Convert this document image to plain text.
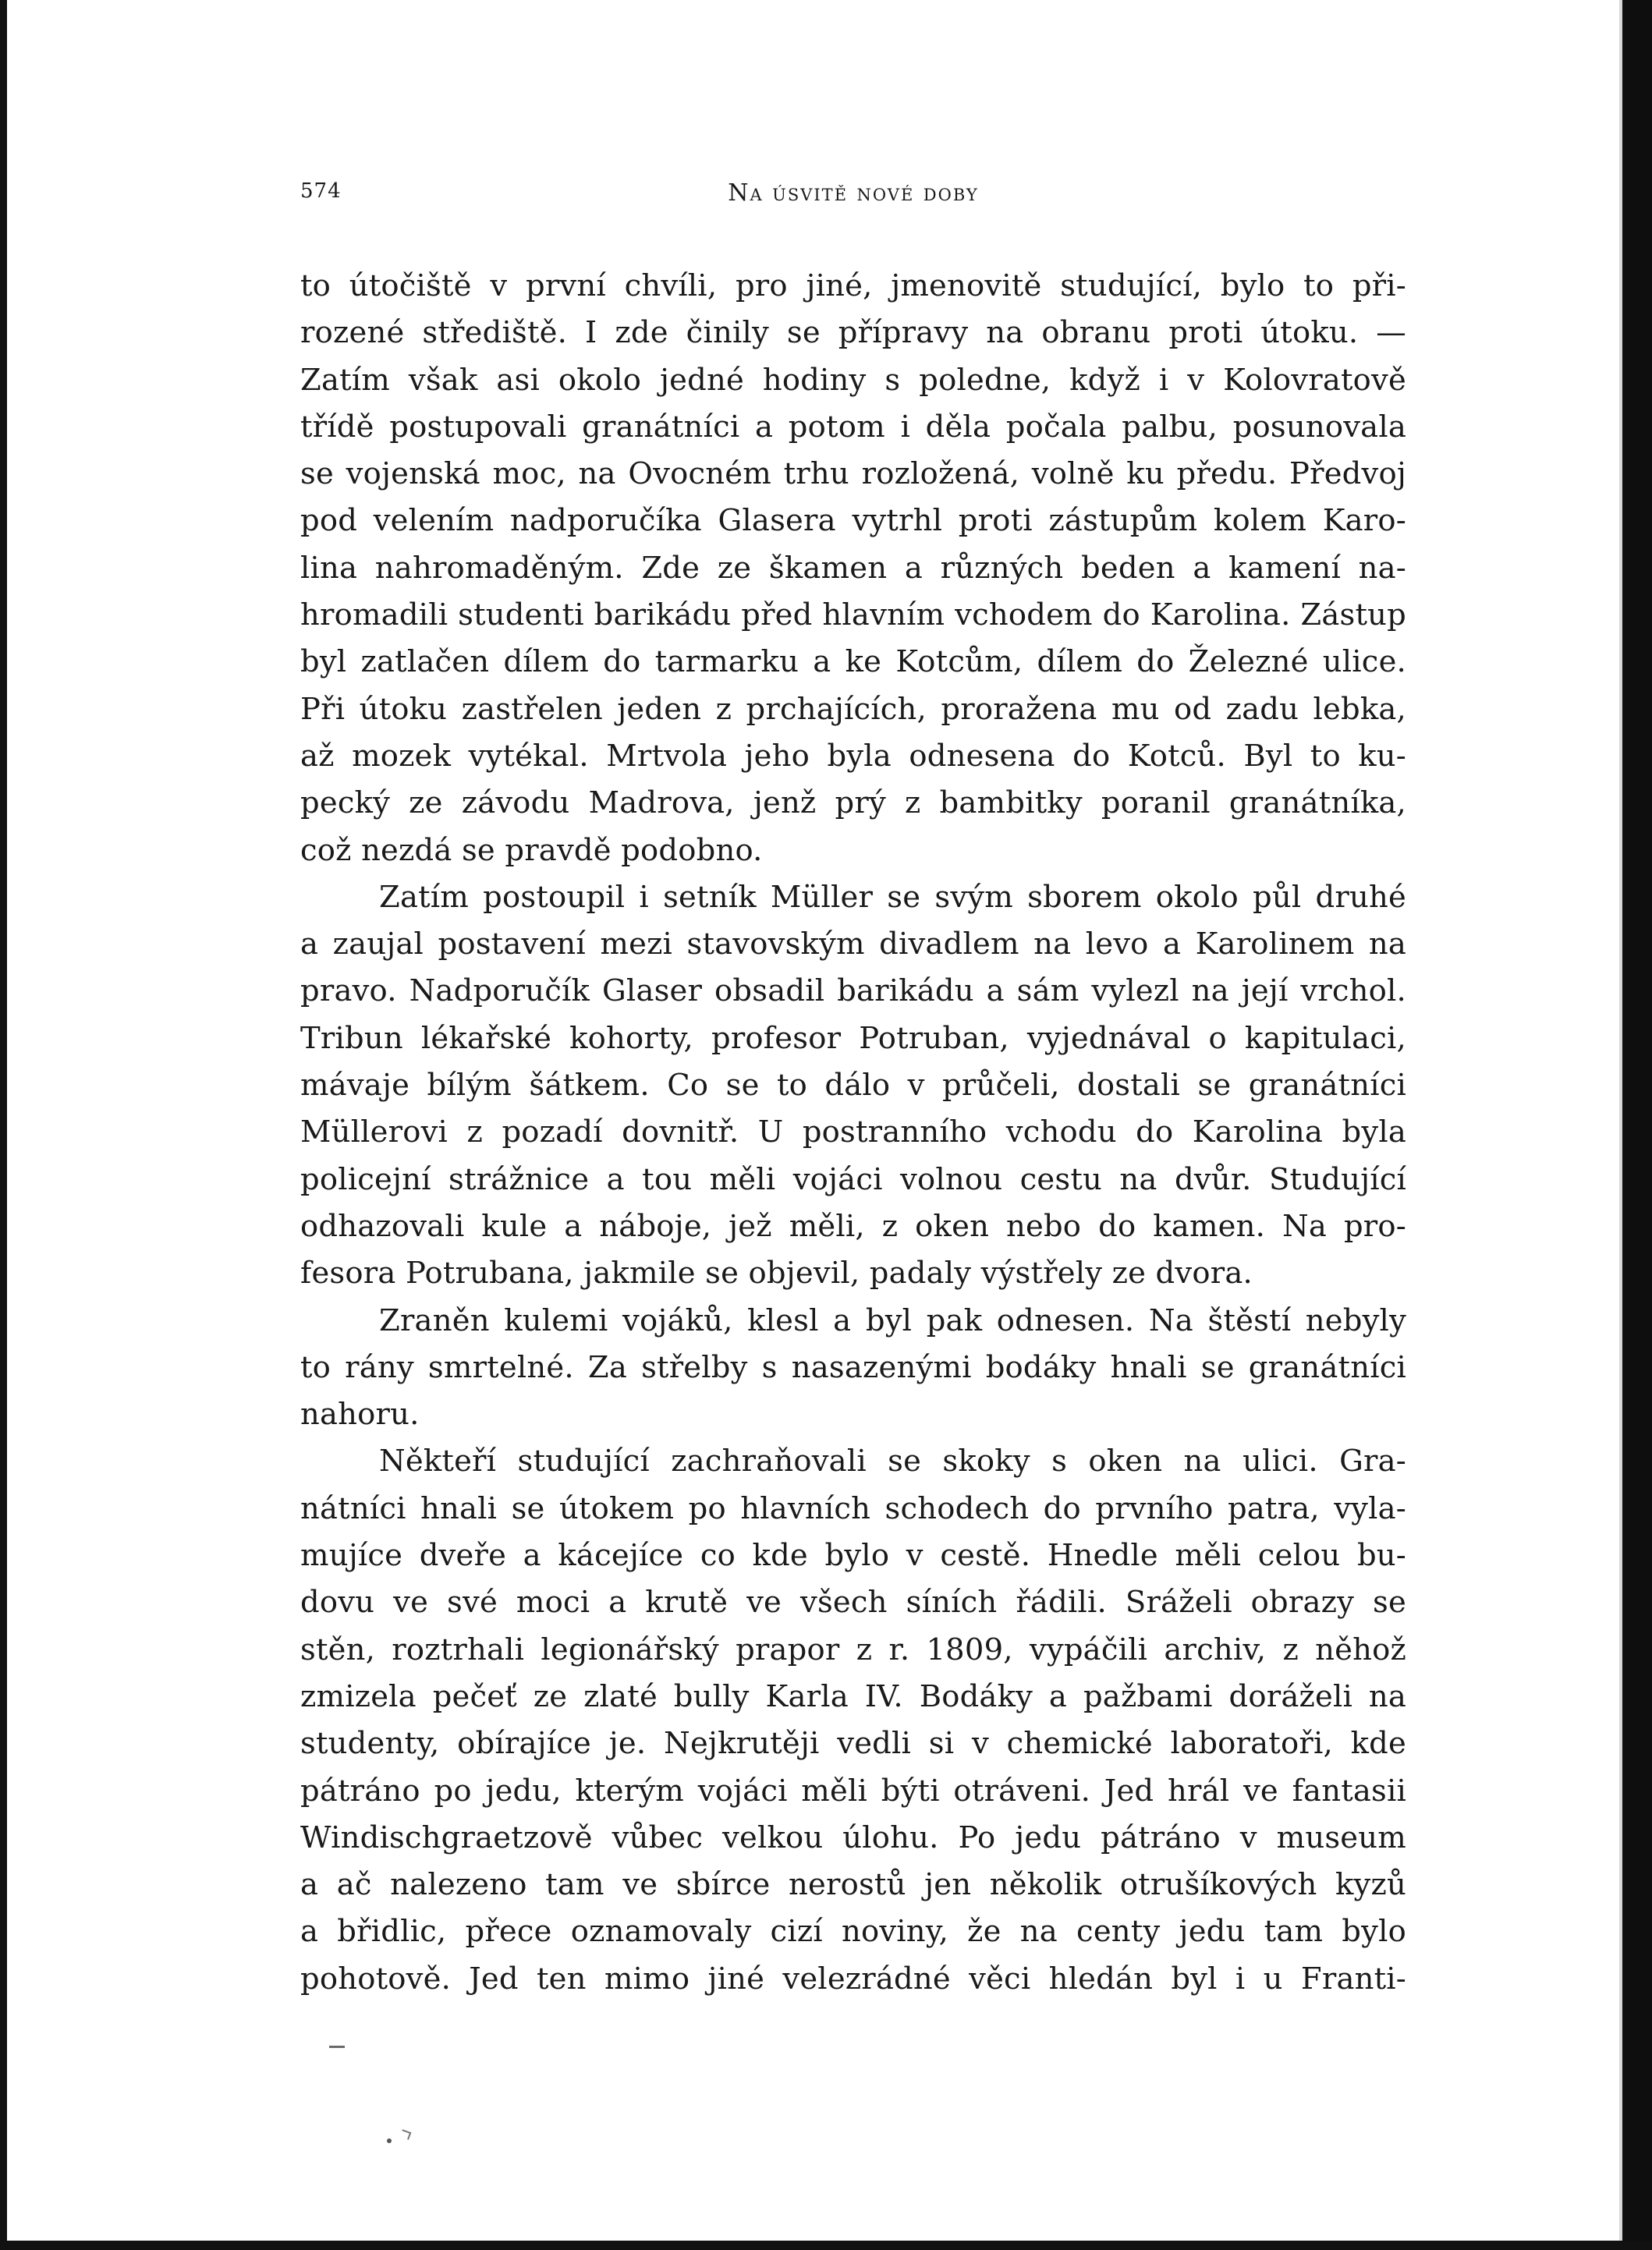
574	Na úsvitě nové doby
to útočiště v první chvíli, pro jiné, jmenovitě studující, bylo to při-
rozené střediště. I zde činily se přípravy na obranu proti útoku. —
Zatím však asi okolo jedné hodiny s poledne, když i v Kolovratově
třídě postupovali granátníci a potom i děla počala palbu, posunovala
se vojenská moc, na Ovocném trhu rozložená, volně ku předu. Předvoj
pod velením nadporučíka Glasera vytrhl proti zástupům kolem Karo-
lina nahromaděným. Zde ze škamen a různých beden a kamení na-
hromadili studenti barikádu před hlavním vchodem do Karolina. Zástup
byl zatlačen dílem do tarmarku a ke Kotcům, dílem do Železné ulice.
Při útoku zastřelen jeden z prchajících, proražena mu od zadu lebka,
až mozek vytékal. Mrtvola jeho byla odnesena do Kotců. Byl to ku-
pecký ze závodu Madrova, jenž prý z bambitky poranil granátníka,
což nezdá se pravdě podobno.
Zatím postoupil i setník Müller se svým sborem okolo půl druhé
a zaujal postavení mezi stavovským divadlem na levo a Karolinem na
pravo. Nadporučík Glaser obsadil barikádu a sám vylezl na její vrchol.
Tribun lékařské kohorty, profesor Potruban, vyjednával o kapitulaci,
mávaje bílým šátkem. Co se to dálo v průčeli, dostali se granátníci
Müllerovi z pozadí dovnitř. U postranního vchodu do Karolina byla
policejní strážnice a tou měli vojáci volnou cestu na dvůr. Studující
odhazovali kule a náboje, jež měli, z oken nebo do kamen. Na pro-
fesora Potrubana, jakmile se objevil, padaly výstřely ze dvora.
Zraněn kulemi vojáků, klesl a byl pak odnesen. Na štěstí nebyly
to rány smrtelné. Za střelby s nasazenými bodáky hnali se granátníci
nahoru.
Někteří studující zachraňovali se skoky s oken na ulici. Gra-
nátníci hnali se útokem po hlavních schodech do prvního patra, vyla-
mujíce dveře a kácejíce co kde bylo v cestě. Hnedle měli celou bu-
dovu ve své moci a krutě ve všech síních řádili. Sráželi obrazy se
stěn, roztrhali legionářský prapor z r. 1809, vypáčili archiv, z něhož
zmizela pečeť ze zlaté bully Karla IV. Bodáky a pažbami doráželi na
studenty, obírajíce je. Nejkrutěji vedli si v chemické laboratoři, kde
pátráno po jedu, kterým vojáci měli býti otráveni. Jed hrál ve fantasii
Windischgraetzově vůbec velkou úlohu. Po jedu pátráno v museum
a ač nalezeno tam ve sbírce nerostů jen několik otrušíkových kyzů
a břidlic, přece oznamovaly cizí noviny, že na centy jedu tam bylo
pohotově. Jed ten mimo jiné velezrádné věci hledán byl i u Franti-
